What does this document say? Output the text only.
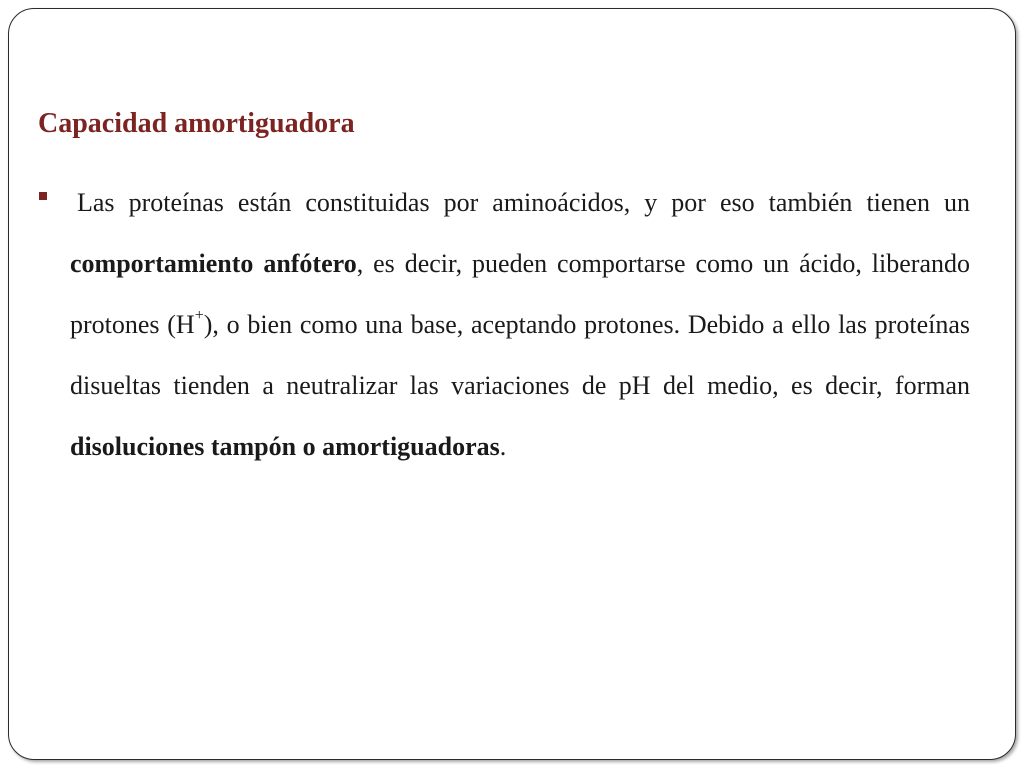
Capacidad amortiguadora

Las proteínas están constituidas por aminoácidos, y por eso también tienen un comportamiento anfótero, es decir, pueden comportarse como un ácido, liberando protones (H+), o bien como una base, aceptando protones. Debido a ello las proteínas disueltas tienden a neutralizar las variaciones de pH del medio, es decir, forman disoluciones tampón o amortiguadoras.
